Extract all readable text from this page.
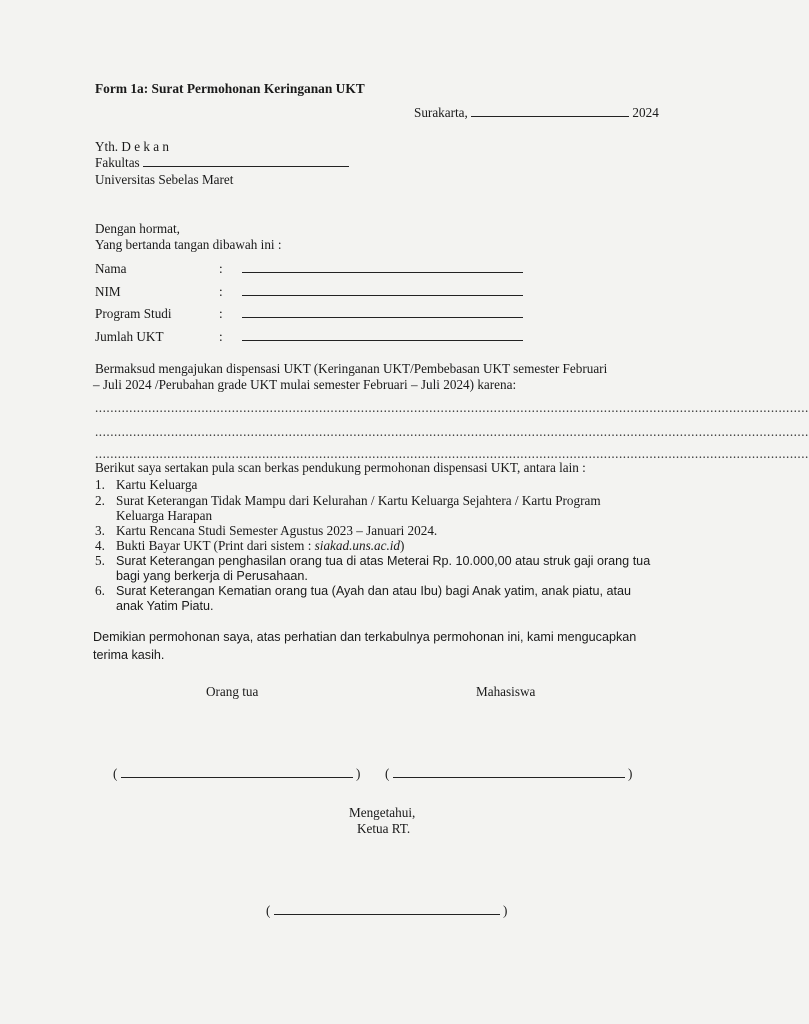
Form 1a: Surat Permohonan Keringanan UKT
Surakarta,	2024
Yth. D e k a n
Fakultas
Universitas Sebelas Maret
Dengan hormat,
Yang bertanda tangan dibawah ini :
Nama	:
NIM	:
Program Studi	:
Jumlah UKT	:
Bermaksud mengajukan dispensasi UKT (Keringanan UKT/Pembebasan UKT semester Februari
– Juli 2024 /Perubahan grade UKT mulai semester Februari – Juli 2024) karena:
............................................................................................................................................................................................
............................................................................................................................................................................................
............................................................................................................................................................................................
Berikut saya sertakan pula scan berkas pendukung permohonan dispensasi UKT, antara lain :
1. Kartu Keluarga
2. Surat Keterangan Tidak Mampu dari Kelurahan / Kartu Keluarga Sejahtera / Kartu Program
Keluarga Harapan
3. Kartu Rencana Studi Semester Agustus 2023 – Januari 2024.
4. Bukti Bayar UKT (Print dari sistem : siakad.uns.ac.id)
5. Surat Keterangan penghasilan orang tua di atas Meterai Rp. 10.000,00 atau struk gaji orang tua
bagi yang berkerja di Perusahaan.
6. Surat Keterangan Kematian orang tua (Ayah dan atau Ibu) bagi Anak yatim, anak piatu, atau
anak Yatim Piatu.
Demikian permohonan saya, atas perhatian dan terkabulnya permohonan ini, kami mengucapkan
terima kasih.
Orang tua	Mahasiswa
(	) (	)
Mengetahui,
Ketua RT.
(	)
